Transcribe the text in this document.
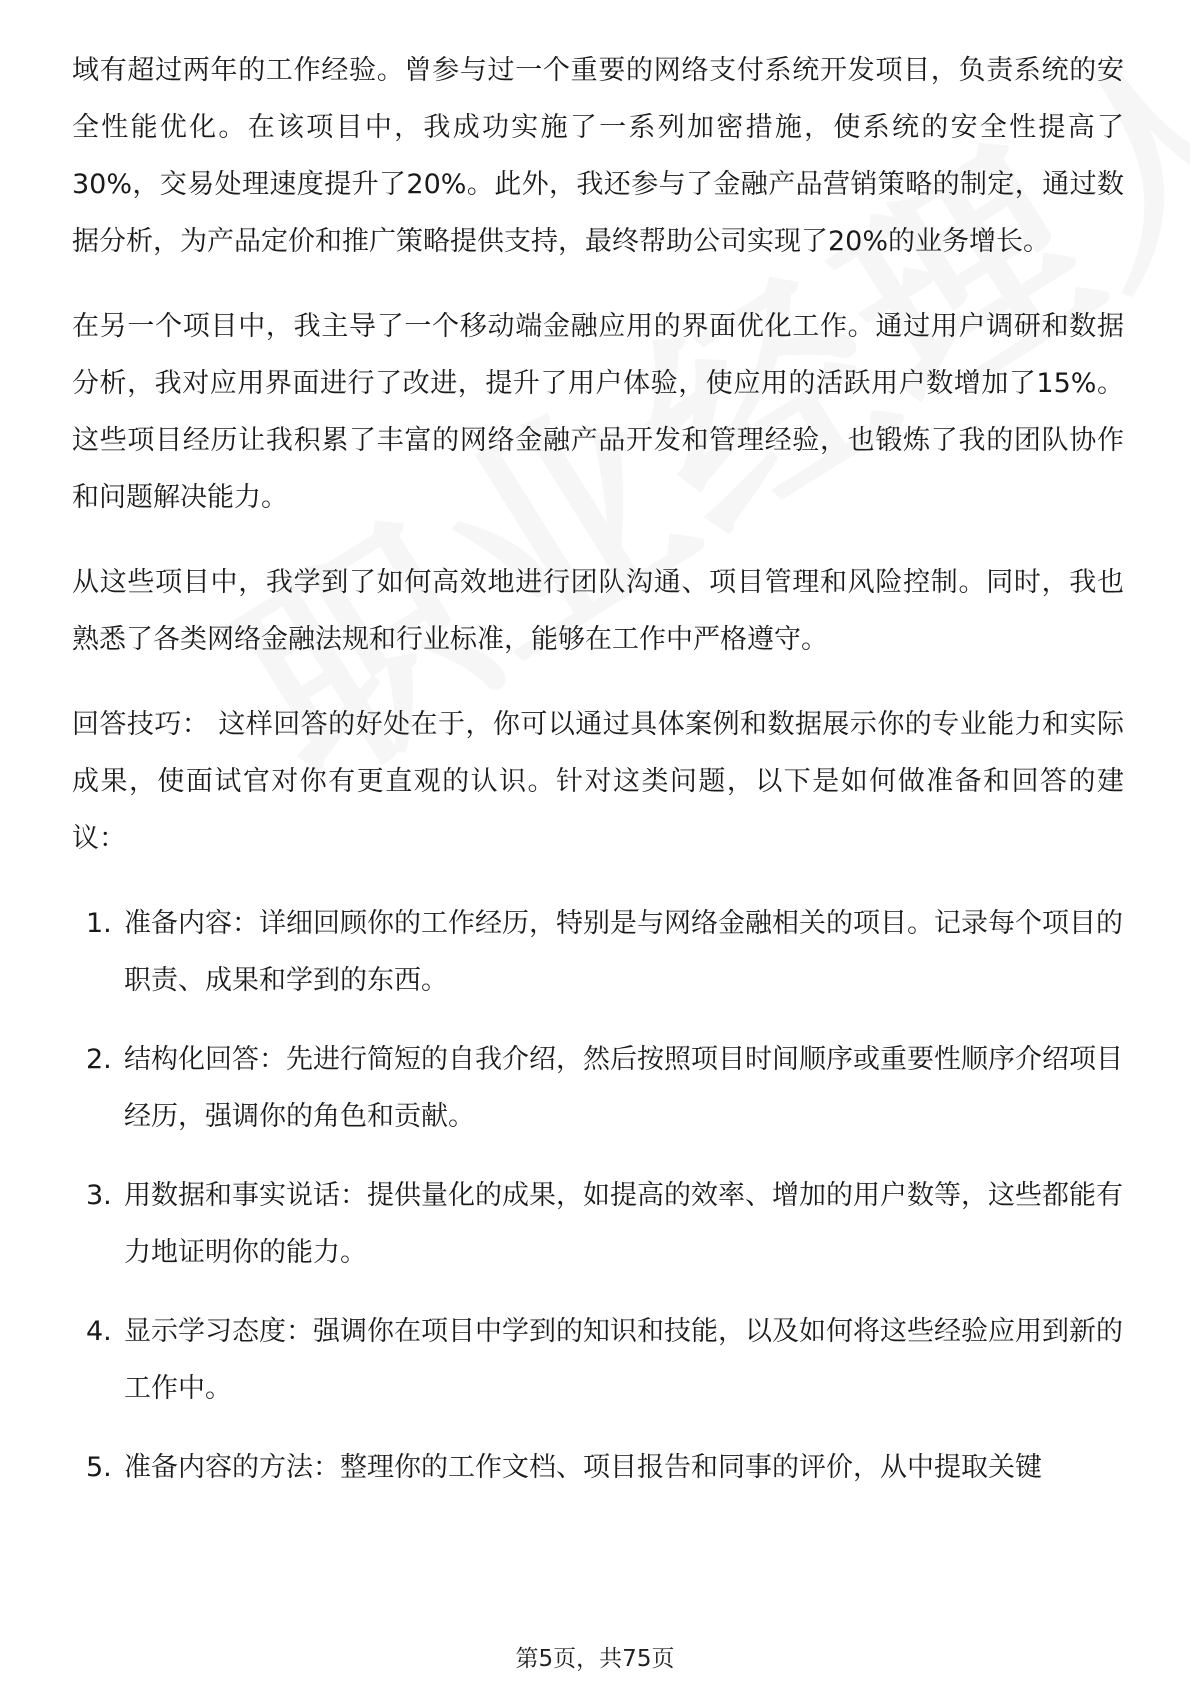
域有超过两年的工作经验。曾参与过一个重要的网络支付系统开发项目，负责系统的安全性能优化。在该项目中，我成功实施了一系列加密措施，使系统的安全性提高了30%，交易处理速度提升了20%。此外，我还参与了金融产品营销策略的制定，通过数据分析，为产品定价和推广策略提供支持，最终帮助公司实现了20%的业务增长。

在另一个项目中，我主导了一个移动端金融应用的界面优化工作。通过用户调研和数据分析，我对应用界面进行了改进，提升了用户体验，使应用的活跃用户数增加了15%。这些项目经历让我积累了丰富的网络金融产品开发和管理经验，也锻炼了我的团队协作和问题解决能力。

从这些项目中，我学到了如何高效地进行团队沟通、项目管理和风险控制。同时，我也熟悉了各类网络金融法规和行业标准，能够在工作中严格遵守。

回答技巧： 这样回答的好处在于，你可以通过具体案例和数据展示你的专业能力和实际成果，使面试官对你有更直观的认识。针对这类问题，以下是如何做准备和回答的建议：

1. 准备内容：详细回顾你的工作经历，特别是与网络金融相关的项目。记录每个项目的职责、成果和学到的东西。
2. 结构化回答：先进行简短的自我介绍，然后按照项目时间顺序或重要性顺序介绍项目经历，强调你的角色和贡献。
3. 用数据和事实说话：提供量化的成果，如提高的效率、增加的用户数等，这些都能有力地证明你的能力。
4. 显示学习态度：强调你在项目中学到的知识和技能，以及如何将这些经验应用到新的工作中。
5. 准备内容的方法：整理你的工作文档、项目报告和同事的评价，从中提取关键
第5页，共75页
